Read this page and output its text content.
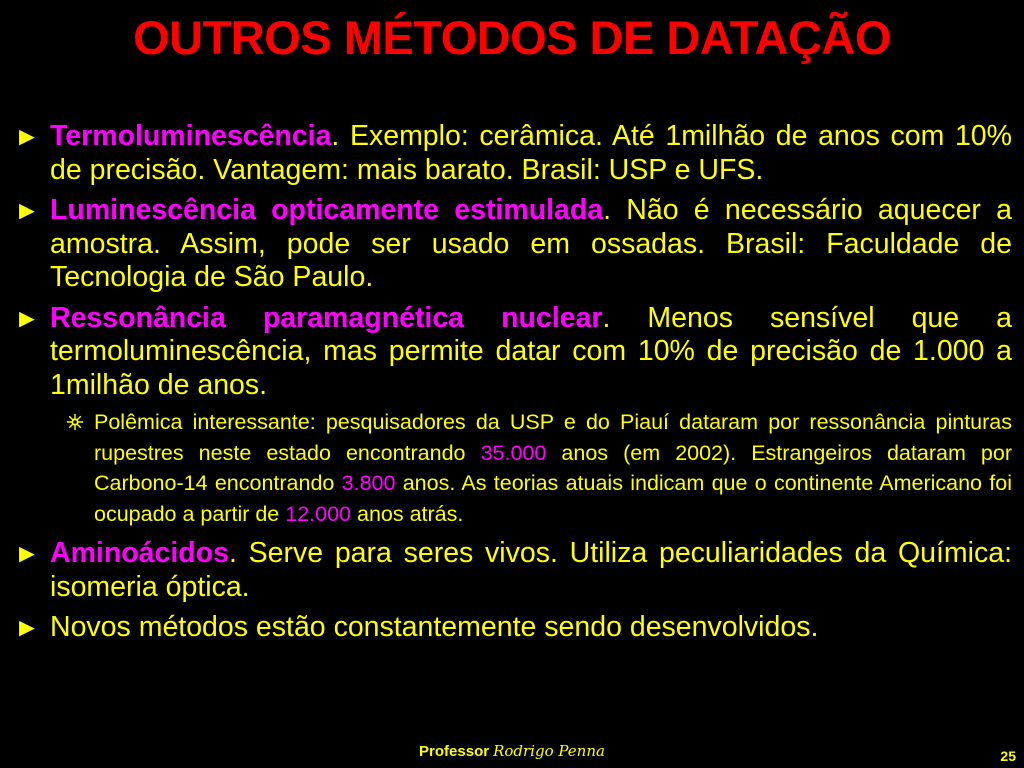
OUTROS MÉTODOS DE DATAÇÃO
► Termoluminescência. Exemplo: cerâmica. Até 1milhão de anos com 10% de precisão. Vantagem: mais barato. Brasil: USP e UFS.
► Luminescência opticamente estimulada. Não é necessário aquecer a amostra. Assim, pode ser usado em ossadas. Brasil: Faculdade de Tecnologia de São Paulo.
► Ressonância paramagnética nuclear. Menos sensível que a termoluminescência, mas permite datar com 10% de precisão de 1.000 a 1milhão de anos.
Polêmica interessante: pesquisadores da USP e do Piauí dataram por ressonância pinturas rupestres neste estado encontrando 35.000 anos (em 2002). Estrangeiros dataram por Carbono-14 encontrando 3.800 anos. As teorias atuais indicam que o continente Americano foi ocupado a partir de 12.000 anos atrás.
► Aminoácidos. Serve para seres vivos. Utiliza peculiaridades da Química: isomeria óptica.
► Novos métodos estão constantemente sendo desenvolvidos.
Professor Rodrigo Penna	25
